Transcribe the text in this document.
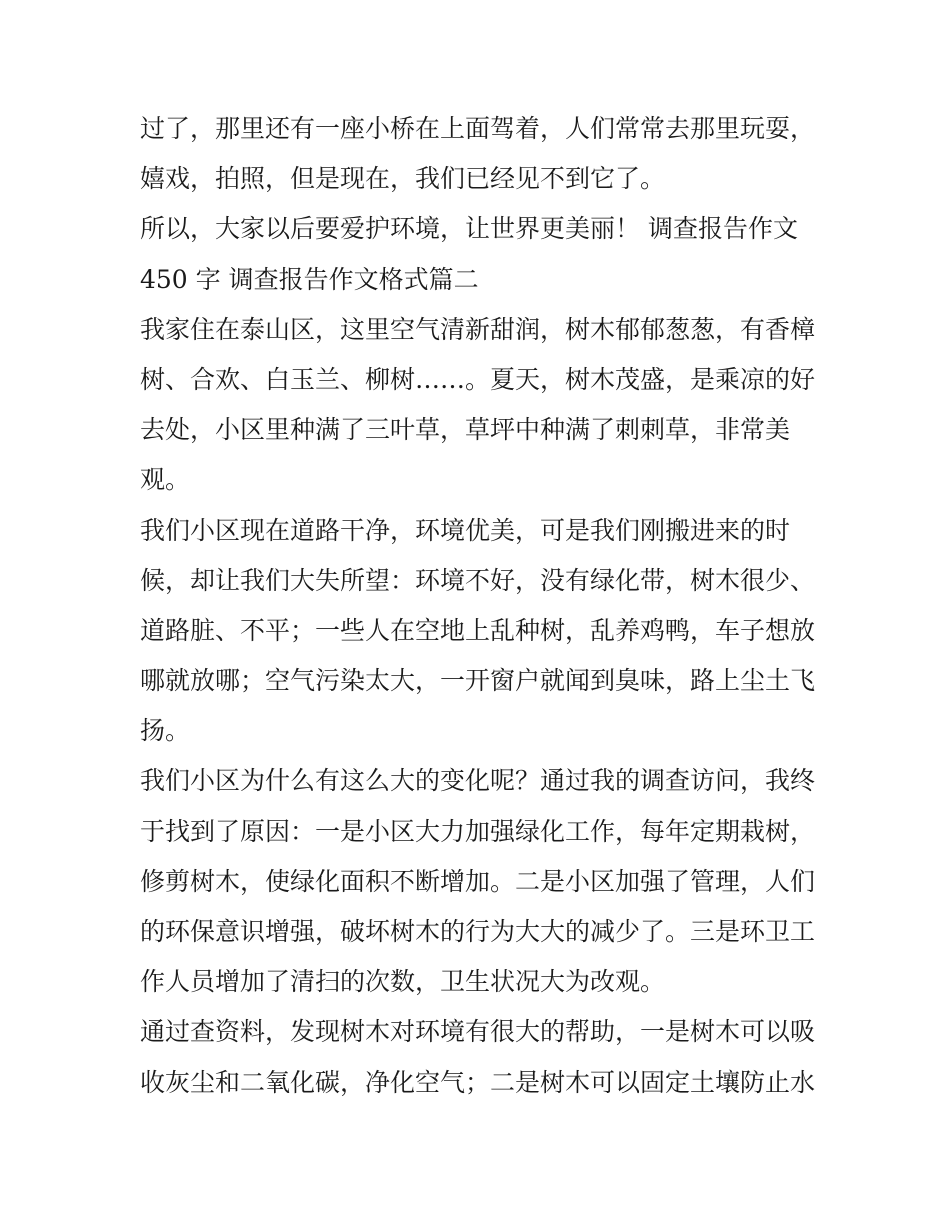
过了，那里还有一座小桥在上面驾着，人们常常去那里玩耍，
嬉戏，拍照，但是现在，我们已经见不到它了。
所以，大家以后要爱护环境，让世界更美丽！ 调查报告作文
450 字 调查报告作文格式篇二
我家住在泰山区，这里空气清新甜润，树木郁郁葱葱，有香樟
树、合欢、白玉兰、柳树……。夏天，树木茂盛，是乘凉的好
去处，小区里种满了三叶草，草坪中种满了刺刺草，非常美
观。
我们小区现在道路干净，环境优美，可是我们刚搬进来的时
候，却让我们大失所望：环境不好，没有绿化带，树木很少、
道路脏、不平；一些人在空地上乱种树，乱养鸡鸭，车子想放
哪就放哪；空气污染太大，一开窗户就闻到臭味，路上尘土飞
扬。
我们小区为什么有这么大的变化呢？通过我的调查访问，我终
于找到了原因：一是小区大力加强绿化工作，每年定期栽树，
修剪树木，使绿化面积不断增加。二是小区加强了管理，人们
的环保意识增强，破坏树木的行为大大的减少了。三是环卫工
作人员增加了清扫的次数，卫生状况大为改观。
通过查资料，发现树木对环境有很大的帮助，一是树木可以吸
收灰尘和二氧化碳，净化空气；二是树木可以固定土壤防止水
